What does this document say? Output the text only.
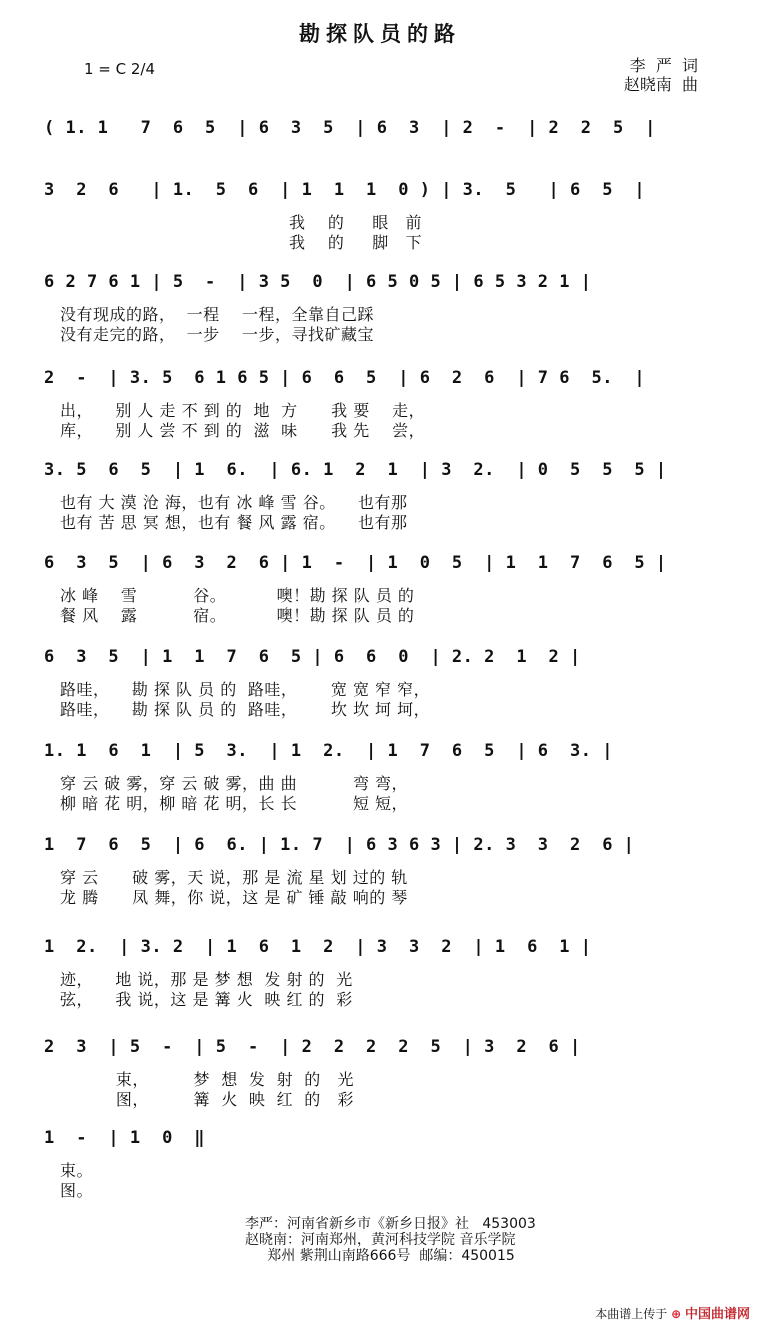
勘探队员的路
1 = C 2/4	李  严  词
赵晓南  曲
( 1. 1   7  6  5  | 6  3  5  | 6  3  | 2  -  | 2  2  5  |
3  2  6   | 1.  5  6  | 1  1  1  0 ) | 3.  5   | 6  5  |
我    的     眼   前
我    的     脚   下
6 2 7 6 1 | 5  -  | 3 5  0  | 6 5 0 5 | 6 5 3 2 1 |
没有现成的路，  一程    一程，全靠自己踩
没有走完的路，  一步    一步，寻找矿藏宝
2  -  | 3. 5  6 1 6 5 | 6  6  5  | 6  2  6  | 7 6  5.  |
出，    别 人 走 不 到 的  地  方      我 要    走，
库，    别 人 尝 不 到 的  滋  味      我 先    尝，
3. 5  6  5  | 1  6.  | 6. 1  2  1  | 3  2.  | 0  5  5  5 |
也有 大 漠 沧 海，也有 冰 峰 雪 谷。    也有那
也有 苦 思 冥 想，也有 餐 风 露 宿。    也有那
6  3  5  | 6  3  2  6 | 1  -  | 1  0  5  | 1  1  7  6  5 |
冰 峰    雪          谷。         噢！勘 探 队 员 的
餐 风    露          宿。         噢！勘 探 队 员 的
6  3  5  | 1  1  7  6  5 | 6  6  0  | 2. 2  1  2 |
路哇，    勘 探 队 员 的  路哇，      宽 宽 窄 窄，
路哇，    勘 探 队 员 的  路哇，      坎 坎 坷 坷，
1. 1  6  1  | 5  3.  | 1  2.  | 1  7  6  5  | 6  3. |
穿 云 破 雾，穿 云 破 雾，曲 曲          弯 弯，
柳 暗 花 明，柳 暗 花 明，长 长          短 短，
1  7  6  5  | 6  6. | 1. 7  | 6 3 6 3 | 2. 3  3  2  6 |
穿 云      破 雾，天 说，那 是 流 星 划 过的 轨
龙 腾      凤 舞，你 说，这 是 矿 锤 敲 响的 琴
1  2.  | 3. 2  | 1  6  1  2  | 3  3  2  | 1  6  1 |
迹，    地 说，那 是 梦 想  发 射 的  光
弦，    我 说，这 是 篝 火  映 红 的  彩
2  3  | 5  -  | 5  -  | 2  2  2  2  5  | 3  2  6 |
束，        梦  想  发  射  的   光
图，        篝  火  映  红  的   彩
1  -  | 1  0  ‖
束。
图。
李严：河南省新乡市《新乡日报》社   453003
赵晓南：河南郑州，黄河科技学院 音乐学院
郑州 紫荆山南路666号  邮编：450015
本曲谱上传于 ⊕ 中国曲谱网
